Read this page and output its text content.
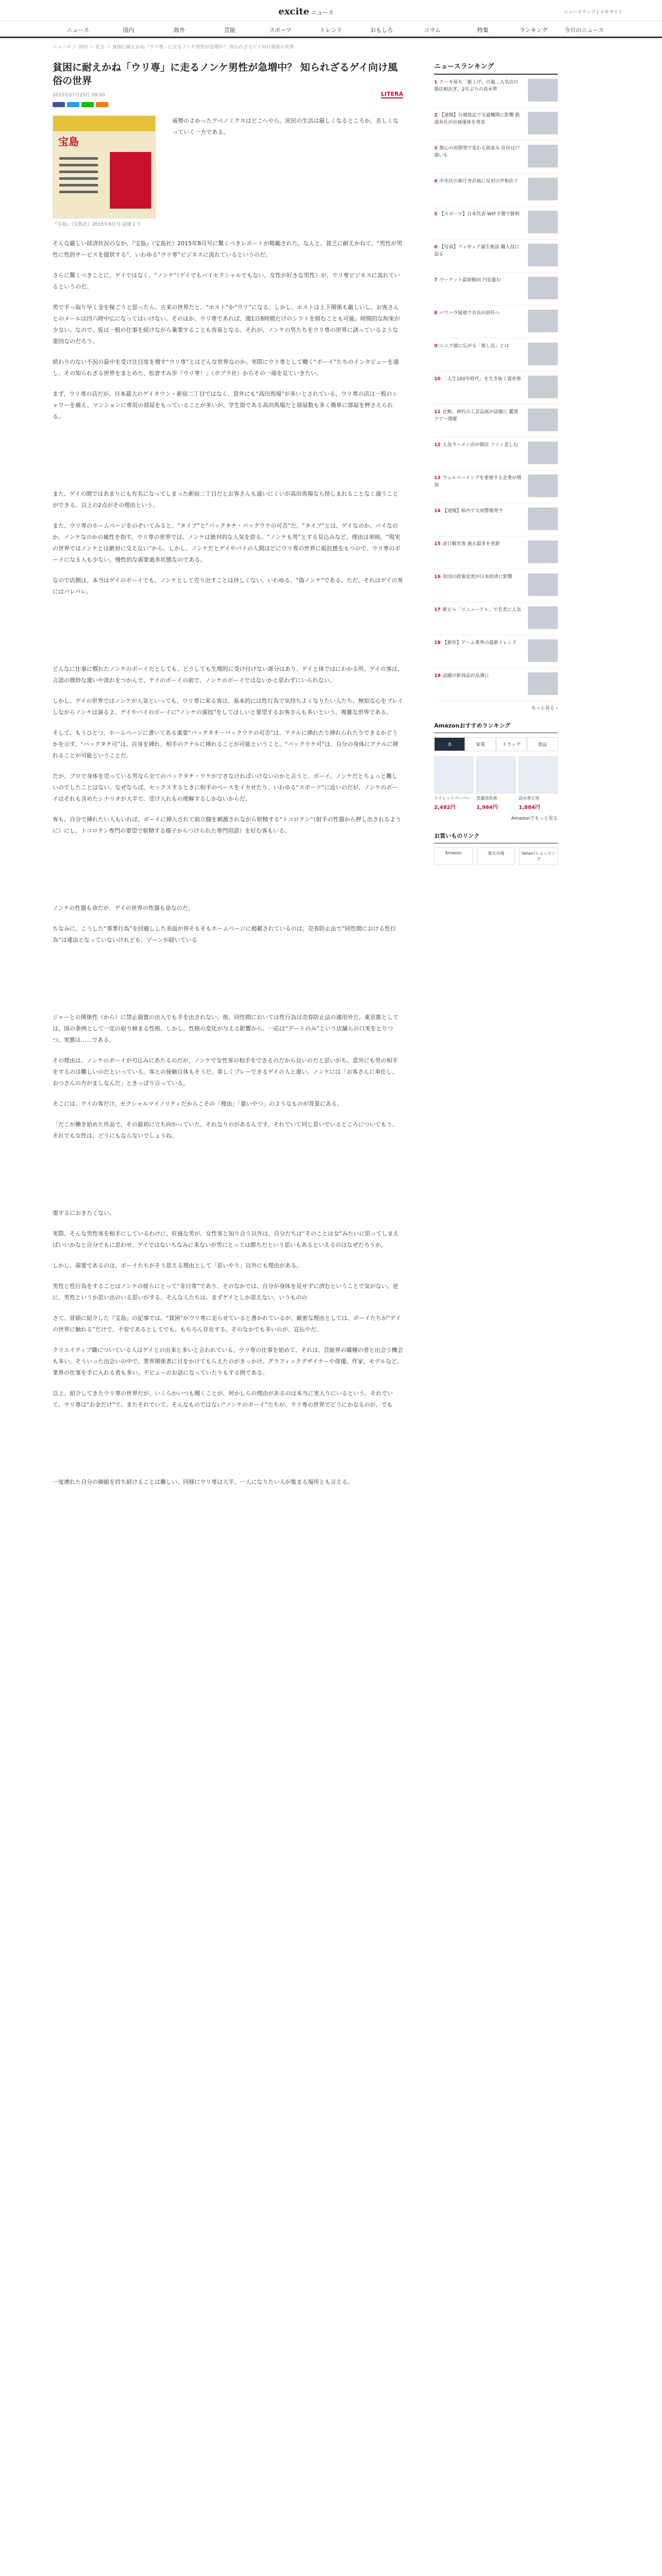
excite ニュース	ニュースマップ | エキサイト
ニュース	国内	海外	芸能	スポーツ	トレンド	おもしろ	コラム	特集	ランキング	今日のニュース
ニュース ＞ 国内 ＞ 社会 ＞ 貧困に耐えかね「ウリ専」に走るノンケ男性が急増中？ 知られざるゲイ向け風俗の世界
貧困に耐えかね「ウリ専」に走るノンケ男性が急増中？ 知られざるゲイ向け風俗の世界
2015年07月25日 09:00	LITERA
宝島
『宝島』（宝島社）2015年9月号 誌面より

威勢のよかったアベノミクスはどこへやら。庶民の生活は厳しくなるところか、苦しくなっていく一方である。

そんな厳しい経済状況のなか、『宝島』（宝島社）2015年8月号に驚くべきレポートが掲載された。なんと、貧乏に耐えかねて、“男性が男性に性的サービスを提供する”、いわゆる“ウリ専”ビジネスに流れているというのだ。

さらに驚くべきことに、ゲイではなく、“ノンケ”（ゲイでもバイセクシャルでもない、女性が好きな男性）が、ウリ専ビジネスに流れているというのだ。

男で手っ取り早く金を稼ごうと思ったら、古来の世界だと、“ホスト”か“ウリ”になる。しかし、ホストは上下関係も厳しいし、お客さんとのメールは四六時中広になってはいけない。そのほか、ウリ専であれば、週1日8時間だけのシフトを組むことも可能。時間的な拘束が少ない。なので、仮は一般の仕事を続けながら兼業することも容易となる。それが、ノンケの男たちをウリ専の世界に誘っているような要因なのだろう。

続わりのない不況の最中を受け注目度を増す“ウリ専”とはどんな世界なのか。実際にウリ専として働く“ボーイ”たちのインタビューを通し、その知られざる世界をまとめた、松倉すみ歩『ウリ専！』（ポプラ社）からその一端を見ていきたい。

まず、ウリ専の店だが、日本最大のゲイタウン・新宿二丁目ではなく、意外にも“高田馬場”が多いとされている。ウリ専の店は一般のシャワーを備え、マンションに専用の部屋をもっていることが多いが、学生街である高田馬場だと部屋数も多く簡単に部屋を押さえられる。

また、ゲイの間ではあまりにも有名になってしまった新宿二丁目だとお客さんも通いにくいが高田馬場なら怪しまれることなく通うことができる。以上の2点がその理由という。

また、ウリ専のホームページをのぞいてみると、“タイプ”と“バックタチ・バックウケの可否”だ。“タイプ”とは、ゲイなのか、バイなのか、ノンケなのかの属性を指す。ウリ専の世界では、ノンケは絶対的な人気を誇る。“ノンケも男”とする見込みなど、理由は単純。“現実の世界ではノンケとは絶対に交えない”から。しかし、ノンケだとゲイやバイの人間ほどにウリ専の世界に抵抗感をもつので、ウリ専のボーイになる人も少ない。慢性的な需要過多状態なのである。

なので店側は、本当はゲイのボーイでも、ノンケとして売り出すことは珍しくない。いわゆる、“偽ノンケ”である。ただ、それはゲイの客にはバレバレ。

どんなに仕事に慣れたノンケのボーイだとしても、どうしても生理的に受け付けない部分はあり、ゲイと体ではにわかる所。ゲイの客は、言語の微妙な違いや流れをつかんで、ゲイのボーイの前で、ノンケのボーイではないかと思わずにいられない。

しかし、ゲイの世界ではノンケが人気といっても、ウリ専に来る客は、基本的には性行為で気持ちよくなりたい人たち。無知な心をプレイしながらノンケは演るよ、ゲイやバイのボーイに“ノンケの演技”をしてほしいと要望するお客さんも多いという。複雑な世界である。

そして、もうひとつ、ホームページに書いてある重要“バックタチ・バックウケの可否”は、アナルに挿れたり挿れられたりできるかどうかを示す。“バックタチ可”は、自身を挿れ、相手のアナルに挿れることが可能ということ。“バックウケ可”は、自分の身体にアナルに挿れることが可能ということだ。

だが、プロで身体を売っている男なら全てのバックタチ・ウケができなければいけないのかと言うと、ボーイ、ノンケだとちょっと難しいのでしたことはない。なぜならぱ、セックスするときに相手のペースをイカせたり、いわゆる“スポーツ”に近いのだが、ノンケのボーイはそれも含めたシナリオが大半で、受け入れもの理解するしかないからだ。

客も、自分で挿れたい人もいれば、ボーイに挿入されて前立腺を刺激されながら射精する“トコロテン”（射手の性器から押し出されるように）にし、トコロテン専門の要望で射精する様子からつけられた専門用語）を好む客もいる。

ノンケの性器も命だが、ゲイの世界の性器も命なのだ。

ちなみに、こうした“事業行為”を回避しした表面が皆そもそもホームページに掲載されているのは、売春防止法で“同性間における性行為”は違法となっていないけれども、ゾーンが続いている

ジャーとの関係性（から）に禁止措置の出入でも手を出されない。他、同性間においては性行為は売春防止法の適用外だ。東京都としては、国の条例として一定の取り締まる性格、しかし、性格の変化が与える影響から、一応は“デートのみ”という店舗らの口実をとりつつ、実態は……である。

その理由は、ノンケのボーイが刃込みにあたるのだが、ノンケで女性客の相手をできるのだから良いのだと思いがち。意外にも男の相手をするのは難しいのだといっている。客との接触自体もそうだ。楽しくプレーできるゲイの人と違い、ノンケには「お客さんに奉仕し、おつさんの方がましなんだ」ときっぱり言っている。

そこには、ゲイの客だけ、セクシャルマイノリティだからこその「理由」「悪いやつ」のようなものが背景にある。

「だこが働き始めた作品で、その最初に立ち向かっていた、それなりのがあるんです。それでいて同じ思いでいるところについてもう、それでも女性は、どうにもならないでしょうね。

要するにおきたくない。

実際、そんな男性客を相手にしているわけに、旺盛な男が、女性客と知り合う以外は、自分だちは“そのことは女”みたいに思ってしまえばいいかなと自分でもに思わせ、ゲイではないちなみに来ないが男にとっては勝ちだという思いもあるといえるのはなぜだろうか。

しかし、需要であるのは、ボーイたちがそう思える理由として「思いやり」以外にも理由がある。

男性と性行為をすることはノンケの彼らにとって“非日常”であり、そのなかでは、自分が身体を見せずに済むということで気がない。逆に、男性というか思い出のいる思いがする。そんな人たちは、まずゲイとしか思えない、いうものの

さて、冒頭に紹介した『宝島』の記事では、“貧困”がウリ専に走らせていると書かれているが、厳密な理由としては、ボーイたちが“ゲイの世界に触れる”だけで、不安であるとしてでも、もちろん存在する。そのなかでも多いのが、宣伝やだ。

クリエイティブ職についている人はゲイとの出来と多いと言われている。ウリ専の仕事を始めて、それは、芸能界の職種の者と出会う機会も多い。そういった出会いの中で、業界関係者に目をかけてもらえたのがきっかけ、グラフィックデザイナーや俳優、作家、モデルなど、業界の仕事を手に入れる者も多い。デビューのお話になっていたりもする例である。

以上、紹介してきたウリ専の世界だが、いくらかいつも聞くことが、何かしらの理由があるのは本当に実入りにいるという。それでいて、ウリ専は“お金だけ”で。またそれでいて、そんなものではない“ノンケのボーイ”たちが、ウリ専の世界でどうにかなるのが、でも

一度壊れた自分の価値を持ち続けることは難しい。同様にウリ専は大半、一人になりたい人が集まる場所とも言える。

ニュースランキング
1 ケーキ屋も「値上げ」の嵐…人気店の閉店相次ぎ、2年ぶりの高水準
2 【速報】台風接近で交通機関に影響 鉄道各社が計画運休を発表
3 都心の再開発で変わる街並み 住民は戸惑いも
4 中央区の新庁舎計画に反対の声相次ぐ
5 【スポーツ】日本代表 W杯予選で勝利
6 【写真】フィギュア誕生秘話 職人技に迫る
7 マーケット最新動向 円安進む
8 パワハラ疑惑で市長が辞任へ
9 シニア層に広がる「推し活」とは
10 「人生100年時代」を生き抜く資産術
11 比較、神代の工芸品展が話題に 鑑賞ツアー開催
12 人気ラーメン店が閉店 ファン悲しむ
13 ウェルベーイングを重視する企業が増加
14 【速報】県内で大雨警報発令
15 訪日観光客 過去最多を更新
16 米国の政策変更が日本経済に影響
17 駅ビル「リニューアル」で若者に人気
18 【新作】ゲーム業界の最新トレンド
19 話題の新商品が品薄に
もっと見る ›
Amazonおすすめランキング
本	家電	ドラッグ	食品
トイレットペーパー
2,482円
洗濯用洗剤
1,984円
詰め替え用
1,884円
Amazonでもっと見る
お買いものリンク
Amazon	楽天市場	Yahoo!ショッピング
